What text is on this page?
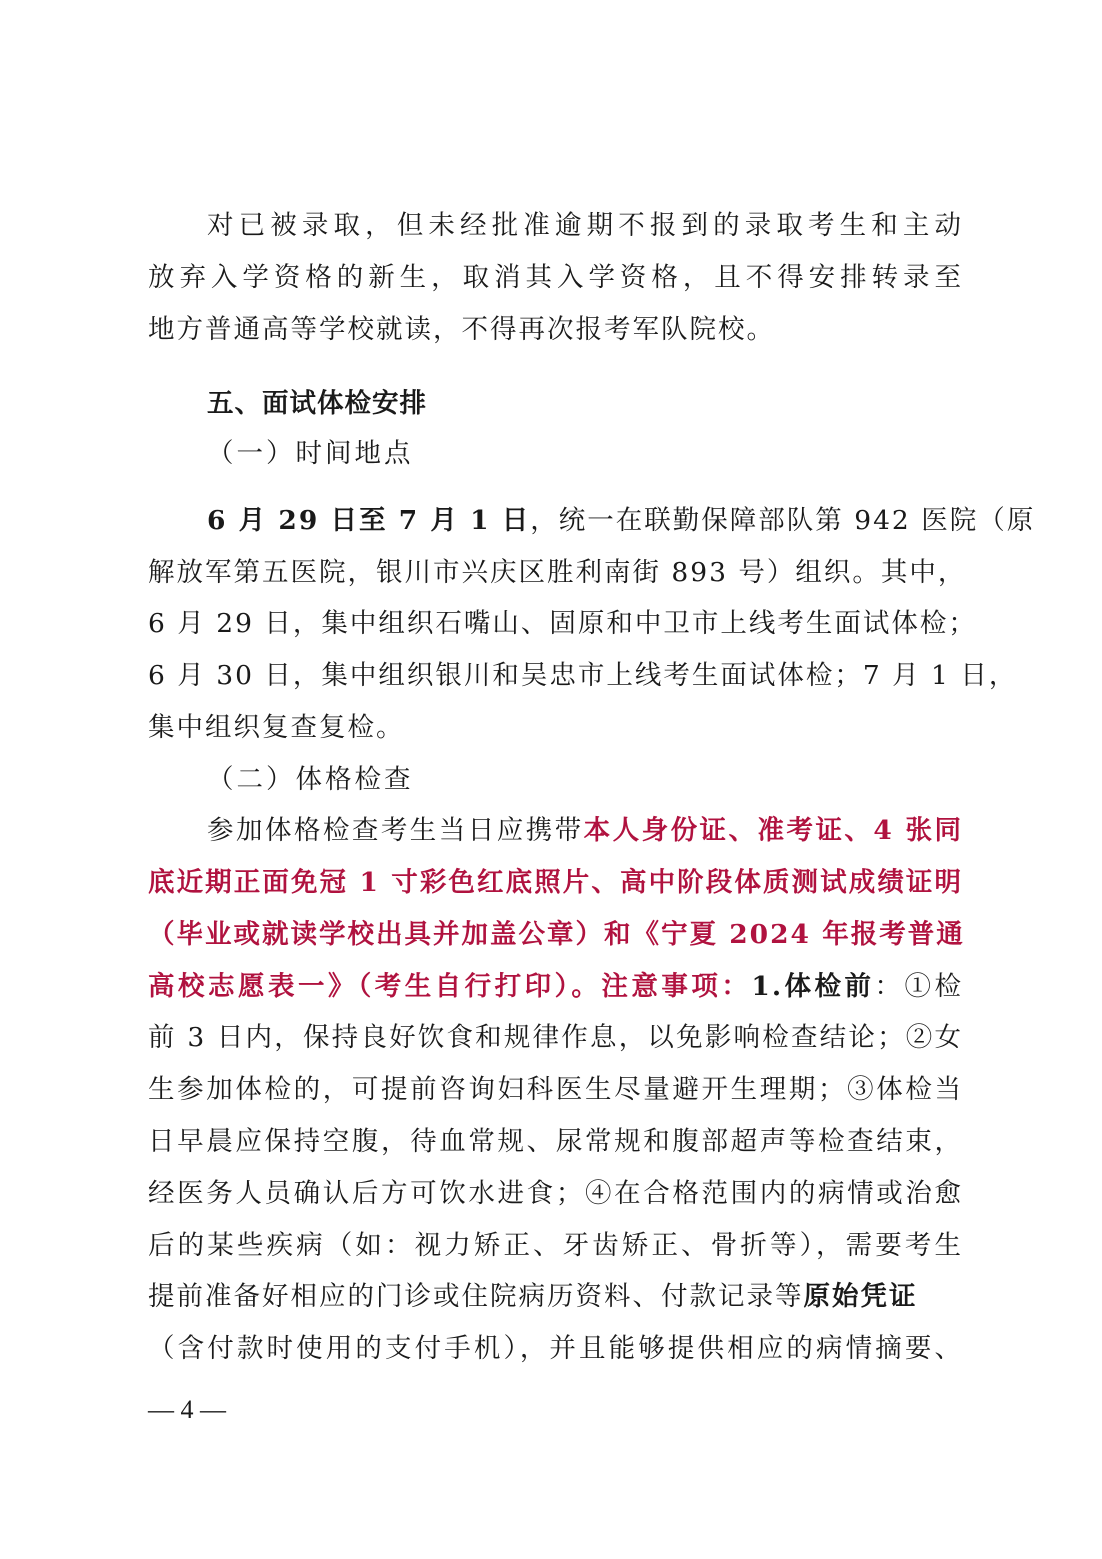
对已被录取，但未经批准逾期不报到的录取考生和主动
放弃入学资格的新生，取消其入学资格，且不得安排转录至
地方普通高等学校就读，不得再次报考军队院校。
五、面试体检安排
（一）时间地点
6 月 29 日至 7 月 1 日，统一在联勤保障部队第 942 医院（原
解放军第五医院，银川市兴庆区胜利南街 893 号）组织。其中，
6 月 29 日，集中组织石嘴山、固原和中卫市上线考生面试体检；
6 月 30 日，集中组织银川和吴忠市上线考生面试体检；7 月 1 日，
集中组织复查复检。
（二）体格检查
参加体格检查考生当日应携带本人身份证、准考证、4 张同
底近期正面免冠 1 寸彩色红底照片、高中阶段体质测试成绩证明
（毕业或就读学校出具并加盖公章）和《宁夏 2024 年报考普通
高校志愿表一》（考生自行打印）。注意事项：1.体检前：①检
前 3 日内，保持良好饮食和规律作息，以免影响检查结论；②女
生参加体检的，可提前咨询妇科医生尽量避开生理期；③体检当
日早晨应保持空腹，待血常规、尿常规和腹部超声等检查结束，
经医务人员确认后方可饮水进食；④在合格范围内的病情或治愈
后的某些疾病（如：视力矫正、牙齿矫正、骨折等），需要考生
提前准备好相应的门诊或住院病历资料、付款记录等原始凭证
（含付款时使用的支付手机），并且能够提供相应的病情摘要、
— 4 —
